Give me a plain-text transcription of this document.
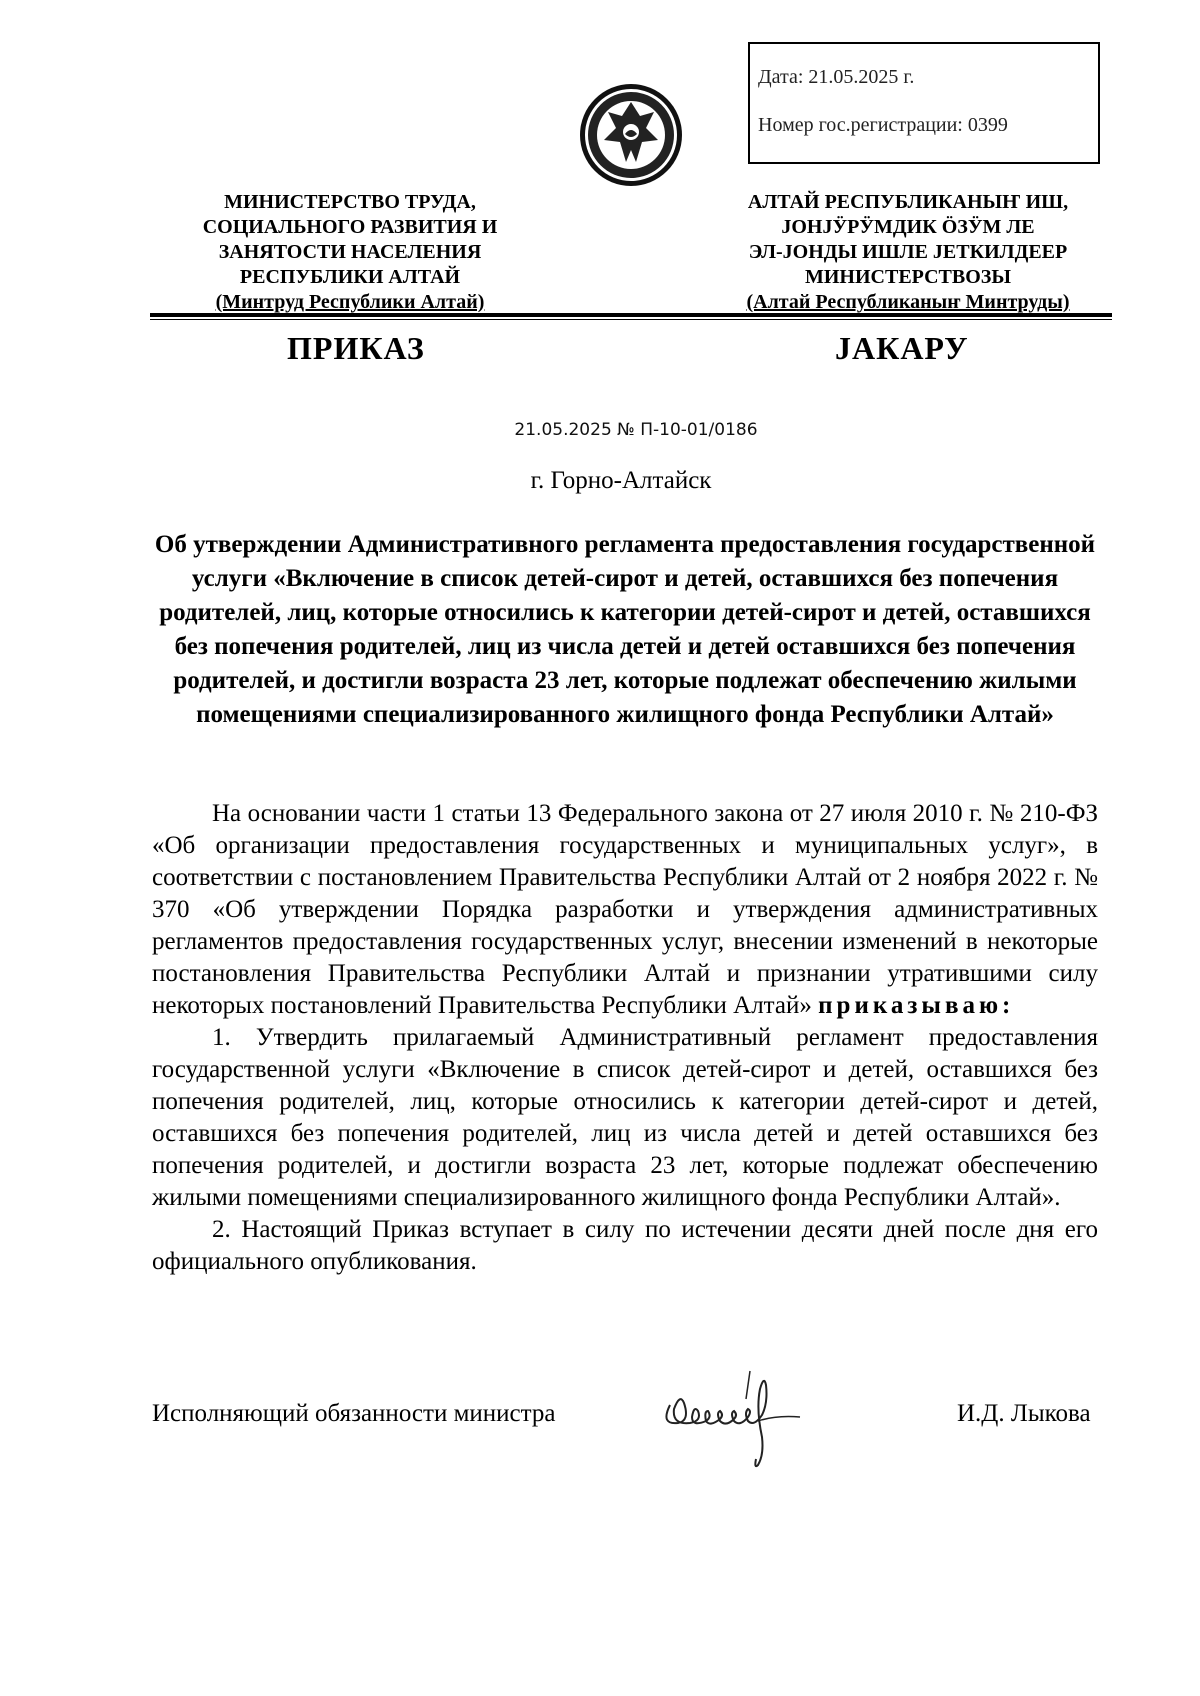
Дата: 21.05.2025 г.
Номер гос.регистрации: 0399
МИНИСТЕРСТВО ТРУДА,
СОЦИАЛЬНОГО РАЗВИТИЯ И
ЗАНЯТОСТИ НАСЕЛЕНИЯ
РЕСПУБЛИКИ АЛТАЙ
(Минтруд Республики Алтай)
АЛТАЙ РЕСПУБЛИКАНЫҤ ИШ,
ЈОНЈӰРӰМДИК ÖЗӰМ ЛЕ
ЭЛ-ЈОНДЫ ИШЛЕ ЈЕТКИЛДЕЕР
МИНИСТЕРСТВОЗЫ
(Алтай Республиканыҥ Минтруды)
ПРИКАЗ	ЈАКАРУ
21.05.2025 № П-10-01/0186
г. Горно-Алтайск
Об утверждении Административного регламента предоставления государственной услуги «Включение в список детей-сирот и детей, оставшихся без попечения родителей, лиц, которые относились к категории детей-сирот и детей, оставшихся без попечения родителей, лиц из числа детей и детей оставшихся без попечения родителей, и достигли возраста 23 лет, которые подлежат обеспечению жилыми помещениями специализированного жилищного фонда Республики Алтай»

На основании части 1 статьи 13 Федерального закона от 27 июля 2010 г. № 210-ФЗ «Об организации предоставления государственных и муниципальных услуг», в соответствии с постановлением Правительства Республики Алтай от 2 ноября 2022 г. № 370 «Об утверждении Порядка разработки и утверждения административных регламентов предоставления государственных услуг, внесении изменений в некоторые постановления Правительства Республики Алтай и признании утратившими силу некоторых постановлений Правительства Республики Алтай» приказываю:

1. Утвердить прилагаемый Административный регламент предоставления государственной услуги «Включение в список детей-сирот и детей, оставшихся без попечения родителей, лиц, которые относились к категории детей-сирот и детей, оставшихся без попечения родителей, лиц из числа детей и детей оставшихся без попечения родителей, и достигли возраста 23 лет, которые подлежат обеспечению жилыми помещениями специализированного жилищного фонда Республики Алтай».

2. Настоящий Приказ вступает в силу по истечении десяти дней после дня его официального опубликования.

Исполняющий обязанности министра	И.Д. Лыкова
